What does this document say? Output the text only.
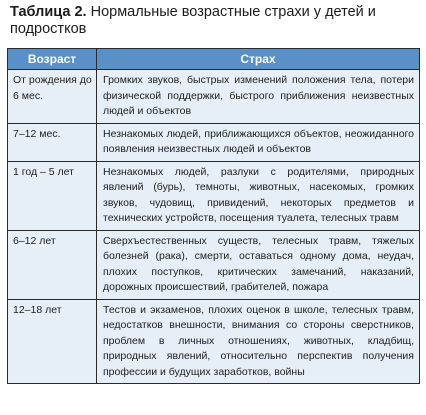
Таблица 2. Нормальные возрастные страхи у детей и подростков
Возраст	Страх
От рождения до 6 мес.	Громких звуков, быстрых изменений положения тела, потери физической поддержки, быстрого приближения неизвестных людей и объектов
7–12 мес.	Незнакомых людей, приближающихся объектов, неожиданного появления неизвестных людей и объектов
1 год – 5 лет	Незнакомых людей, разлуки с родителями, природных явлений (бурь), темноты, животных, насекомых, громких звуков, чудовищ, привидений, некоторых предметов и технических устройств, посещения туалета, телесных травм
6–12 лет	Сверхъестественных существ, телесных травм, тяжелых болезней (рака), смерти, оставаться одному дома, неудач, плохих поступков, критических замечаний, наказаний, дорожных происшествий, грабителей, пожара
12–18 лет	Тестов и экзаменов, плохих оценок в школе, телесных травм, недостатков внешности, внимания со стороны сверстников, проблем в личных отношениях, животных, кладбищ, природных явлений, относительно перспектив получения профессии и будущих заработков, войны
